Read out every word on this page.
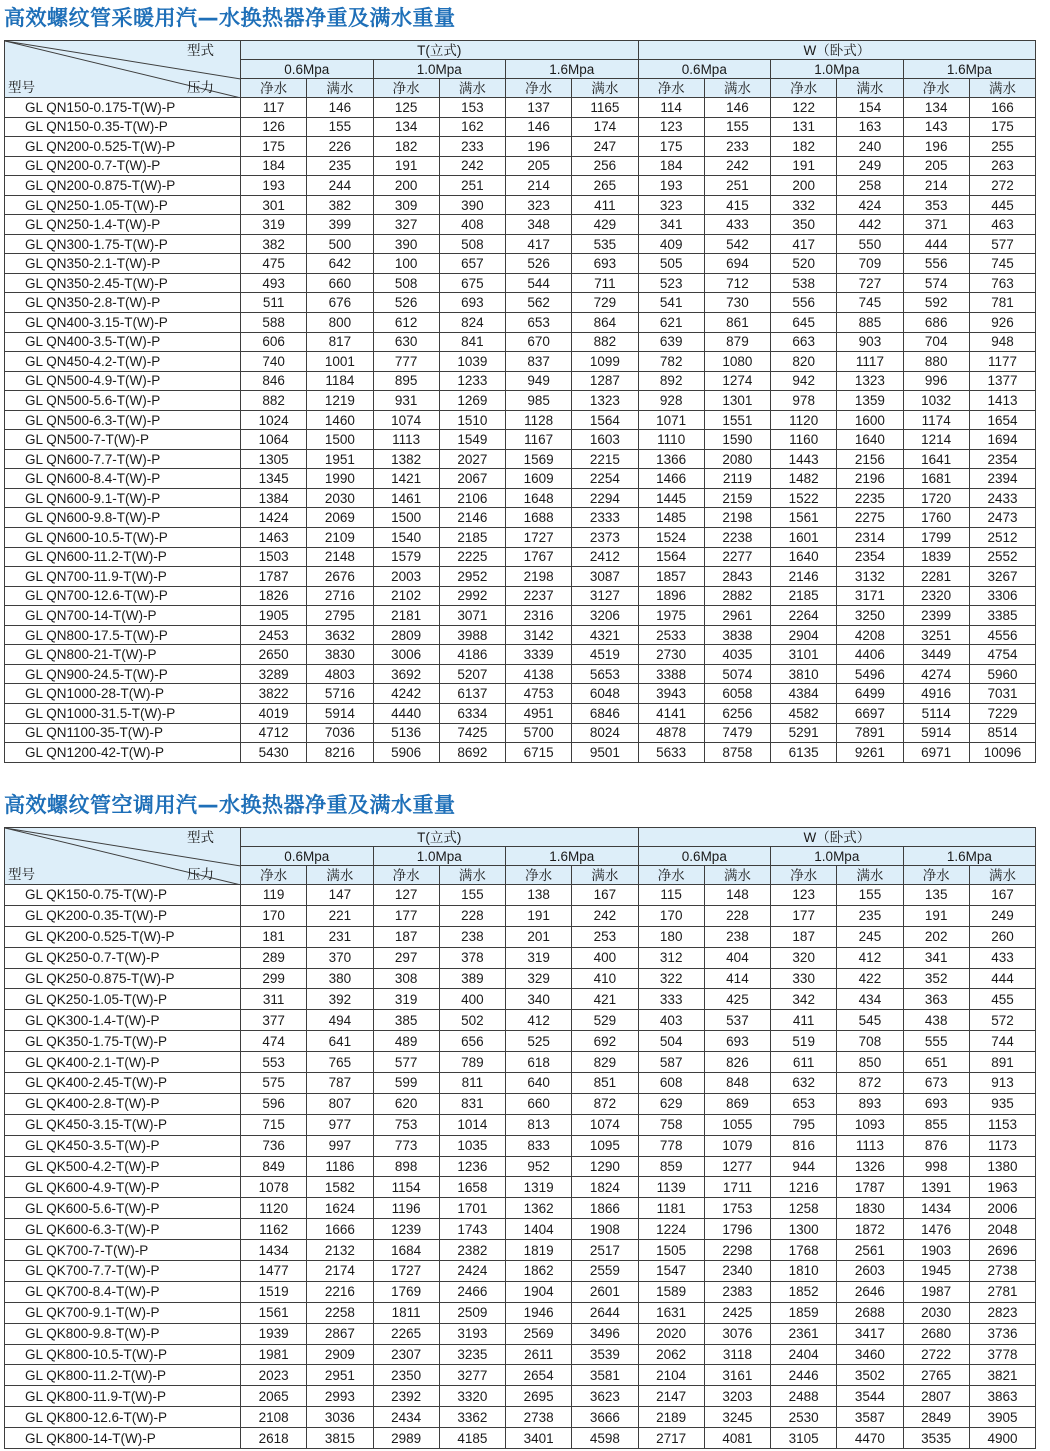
高效螺纹管采暖用汽—水换热器净重及满水重量
型式
型号 压力	T(立式)						W（卧式）					
	0.6Mpa		1.0Mpa		1.6Mpa		0.6Mpa		1.0Mpa		1.6Mpa	
	净水	满水	净水	满水	净水	满水	净水	满水	净水	满水	净水	满水
GL QN150-0.175-T(W)-P	117	146	125	153	137	1165	114	146	122	154	134	166
GL QN150-0.35-T(W)-P	126	155	134	162	146	174	123	155	131	163	143	175
GL QN200-0.525-T(W)-P	175	226	182	233	196	247	175	233	182	240	196	255
GL QN200-0.7-T(W)-P	184	235	191	242	205	256	184	242	191	249	205	263
GL QN200-0.875-T(W)-P	193	244	200	251	214	265	193	251	200	258	214	272
GL QN250-1.05-T(W)-P	301	382	309	390	323	411	323	415	332	424	353	445
GL QN250-1.4-T(W)-P	319	399	327	408	348	429	341	433	350	442	371	463
GL QN300-1.75-T(W)-P	382	500	390	508	417	535	409	542	417	550	444	577
GL QN350-2.1-T(W)-P	475	642	100	657	526	693	505	694	520	709	556	745
GL QN350-2.45-T(W)-P	493	660	508	675	544	711	523	712	538	727	574	763
GL QN350-2.8-T(W)-P	511	676	526	693	562	729	541	730	556	745	592	781
GL QN400-3.15-T(W)-P	588	800	612	824	653	864	621	861	645	885	686	926
GL QN400-3.5-T(W)-P	606	817	630	841	670	882	639	879	663	903	704	948
GL QN450-4.2-T(W)-P	740	1001	777	1039	837	1099	782	1080	820	1117	880	1177
GL QN500-4.9-T(W)-P	846	1184	895	1233	949	1287	892	1274	942	1323	996	1377
GL QN500-5.6-T(W)-P	882	1219	931	1269	985	1323	928	1301	978	1359	1032	1413
GL QN500-6.3-T(W)-P	1024	1460	1074	1510	1128	1564	1071	1551	1120	1600	1174	1654
GL QN500-7-T(W)-P	1064	1500	1113	1549	1167	1603	1110	1590	1160	1640	1214	1694
GL QN600-7.7-T(W)-P	1305	1951	1382	2027	1569	2215	1366	2080	1443	2156	1641	2354
GL QN600-8.4-T(W)-P	1345	1990	1421	2067	1609	2254	1466	2119	1482	2196	1681	2394
GL QN600-9.1-T(W)-P	1384	2030	1461	2106	1648	2294	1445	2159	1522	2235	1720	2433
GL QN600-9.8-T(W)-P	1424	2069	1500	2146	1688	2333	1485	2198	1561	2275	1760	2473
GL QN600-10.5-T(W)-P	1463	2109	1540	2185	1727	2373	1524	2238	1601	2314	1799	2512
GL QN600-11.2-T(W)-P	1503	2148	1579	2225	1767	2412	1564	2277	1640	2354	1839	2552
GL QN700-11.9-T(W)-P	1787	2676	2003	2952	2198	3087	1857	2843	2146	3132	2281	3267
GL QN700-12.6-T(W)-P	1826	2716	2102	2992	2237	3127	1896	2882	2185	3171	2320	3306
GL QN700-14-T(W)-P	1905	2795	2181	3071	2316	3206	1975	2961	2264	3250	2399	3385
GL QN800-17.5-T(W)-P	2453	3632	2809	3988	3142	4321	2533	3838	2904	4208	3251	4556
GL QN800-21-T(W)-P	2650	3830	3006	4186	3339	4519	2730	4035	3101	4406	3449	4754
GL QN900-24.5-T(W)-P	3289	4803	3692	5207	4138	5653	3388	5074	3810	5496	4274	5960
GL QN1000-28-T(W)-P	3822	5716	4242	6137	4753	6048	3943	6058	4384	6499	4916	7031
GL QN1000-31.5-T(W)-P	4019	5914	4440	6334	4951	6846	4141	6256	4582	6697	5114	7229
GL QN1100-35-T(W)-P	4712	7036	5136	7425	5700	8024	4878	7479	5291	7891	5914	8514
GL QN1200-42-T(W)-P	5430	8216	5906	8692	6715	9501	5633	8758	6135	9261	6971	10096
高效螺纹管空调用汽—水换热器净重及满水重量
型式
型号 压力	T(立式)						W（卧式）					
	0.6Mpa		1.0Mpa		1.6Mpa		0.6Mpa		1.0Mpa		1.6Mpa	
	净水	满水	净水	满水	净水	满水	净水	满水	净水	满水	净水	满水
GL QK150-0.75-T(W)-P	119	147	127	155	138	167	115	148	123	155	135	167
GL QK200-0.35-T(W)-P	170	221	177	228	191	242	170	228	177	235	191	249
GL QK200-0.525-T(W)-P	181	231	187	238	201	253	180	238	187	245	202	260
GL QK250-0.7-T(W)-P	289	370	297	378	319	400	312	404	320	412	341	433
GL QK250-0.875-T(W)-P	299	380	308	389	329	410	322	414	330	422	352	444
GL QK250-1.05-T(W)-P	311	392	319	400	340	421	333	425	342	434	363	455
GL QK300-1.4-T(W)-P	377	494	385	502	412	529	403	537	411	545	438	572
GL QK350-1.75-T(W)-P	474	641	489	656	525	692	504	693	519	708	555	744
GL QK400-2.1-T(W)-P	553	765	577	789	618	829	587	826	611	850	651	891
GL QK400-2.45-T(W)-P	575	787	599	811	640	851	608	848	632	872	673	913
GL QK400-2.8-T(W)-P	596	807	620	831	660	872	629	869	653	893	693	935
GL QK450-3.15-T(W)-P	715	977	753	1014	813	1074	758	1055	795	1093	855	1153
GL QK450-3.5-T(W)-P	736	997	773	1035	833	1095	778	1079	816	1113	876	1173
GL QK500-4.2-T(W)-P	849	1186	898	1236	952	1290	859	1277	944	1326	998	1380
GL QK600-4.9-T(W)-P	1078	1582	1154	1658	1319	1824	1139	1711	1216	1787	1391	1963
GL QK600-5.6-T(W)-P	1120	1624	1196	1701	1362	1866	1181	1753	1258	1830	1434	2006
GL QK600-6.3-T(W)-P	1162	1666	1239	1743	1404	1908	1224	1796	1300	1872	1476	2048
GL QK700-7-T(W)-P	1434	2132	1684	2382	1819	2517	1505	2298	1768	2561	1903	2696
GL QK700-7.7-T(W)-P	1477	2174	1727	2424	1862	2559	1547	2340	1810	2603	1945	2738
GL QK700-8.4-T(W)-P	1519	2216	1769	2466	1904	2601	1589	2383	1852	2646	1987	2781
GL QK700-9.1-T(W)-P	1561	2258	1811	2509	1946	2644	1631	2425	1859	2688	2030	2823
GL QK800-9.8-T(W)-P	1939	2867	2265	3193	2569	3496	2020	3076	2361	3417	2680	3736
GL QK800-10.5-T(W)-P	1981	2909	2307	3235	2611	3539	2062	3118	2404	3460	2722	3778
GL QK800-11.2-T(W)-P	2023	2951	2350	3277	2654	3581	2104	3161	2446	3502	2765	3821
GL QK800-11.9-T(W)-P	2065	2993	2392	3320	2695	3623	2147	3203	2488	3544	2807	3863
GL QK800-12.6-T(W)-P	2108	3036	2434	3362	2738	3666	2189	3245	2530	3587	2849	3905
GL QK800-14-T(W)-P	2618	3815	2989	4185	3401	4598	2717	4081	3105	4470	3535	4900
